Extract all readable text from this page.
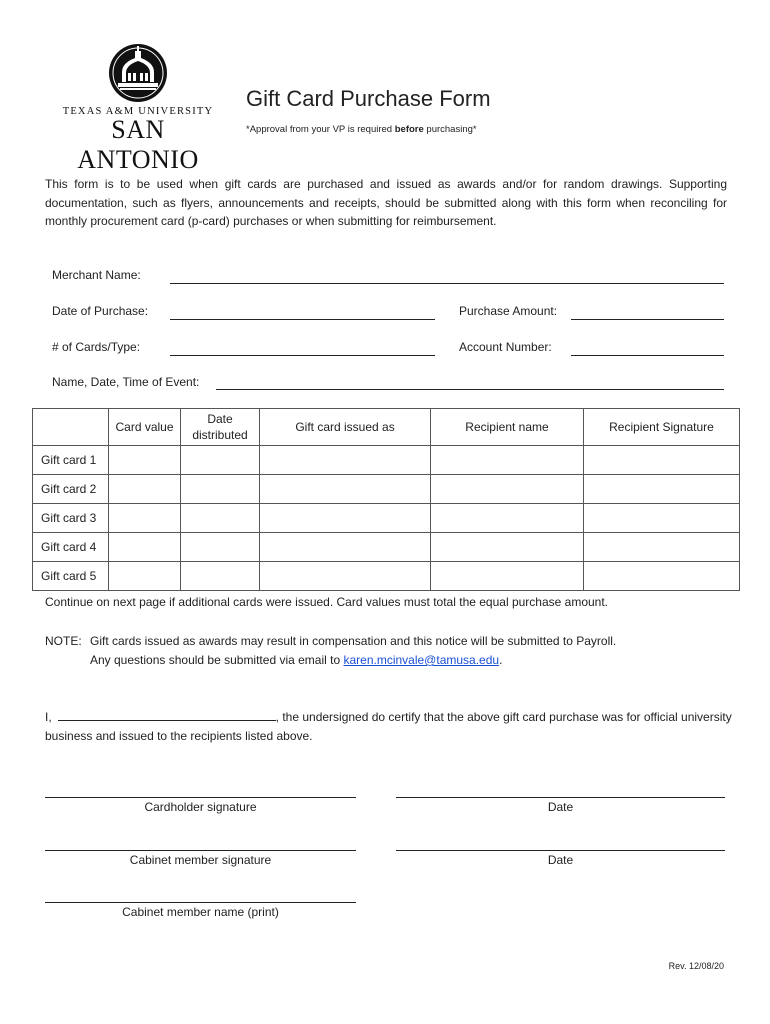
TEXAS A&M UNIVERSITY
SAN ANTONIO
Gift Card Purchase Form
*Approval from your VP is required before purchasing*
This form is to be used when gift cards are purchased and issued as awards and/or for random drawings. Supporting documentation, such as flyers, announcements and receipts, should be submitted along with this form when reconciling for monthly procurement card (p-card) purchases or when submitting for reimbursement.
Merchant Name:
Date of Purchase:	Purchase Amount:
# of Cards/Type:	Account Number:
Name, Date, Time of Event:
	Card value	Date distributed	Gift card issued as	Recipient name	Recipient Signature
Gift card 1					
Gift card 2					
Gift card 3					
Gift card 4					
Gift card 5					
Continue on next page if additional cards were issued. Card values must total the equal purchase amount.
NOTE: Gift cards issued as awards may result in compensation and this notice will be submitted to Payroll.
Any questions should be submitted via email to karen.mcinvale@tamusa.edu.
I,	, the undersigned do certify that the above gift card purchase was for official university business and issued to the recipients listed above.
Cardholder signature	Date
Cabinet member signature	Date
Cabinet member name (print)
Rev. 12/08/20
